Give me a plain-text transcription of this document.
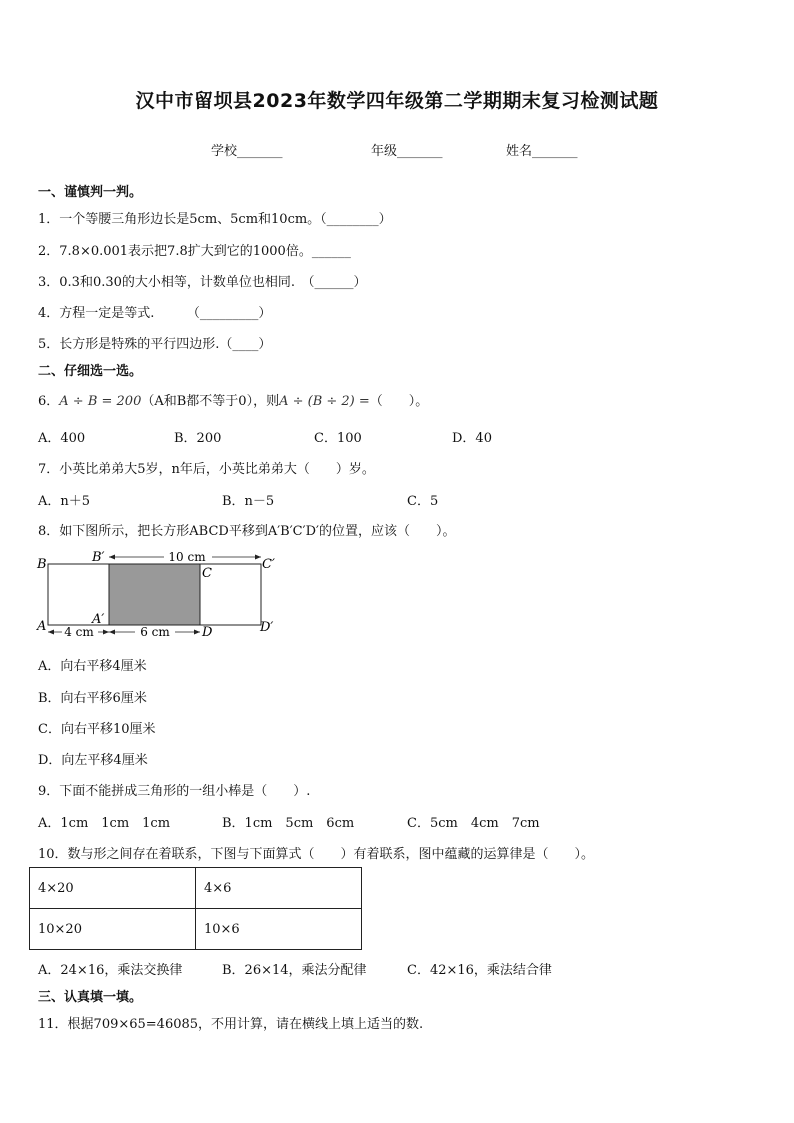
汉中市留坝县2023年数学四年级第二学期期末复习检测试题
学校_______	年级_______	姓名_______
一、谨慎判一判。
1．一个等腰三角形边长是5cm、5cm和10cm。（________）
2．7.8×0.001表示把7.8扩大到它的1000倍。______
3．0.3和0.30的大小相等，计数单位也相同.　（______）
4．方程一定是等式.　　　（_________）
5．长方形是特殊的平行四边形.（____）
二、仔细选一选。
6．A ÷ B = 200（A和B都不等于0），则A ÷ (B ÷ 2) =（　　）。
A．400	B．200	C．100	D．40
7．小英比弟弟大5岁，n年后，小英比弟弟大（　　）岁。
A．n＋5	B．n－5	C．5
8．如下图所示，把长方形ABCD平移到A′B′C′D′的位置，应该（　　）。
10 cm
4 cm	6 cm
B	B′
C
C′
A	A′
D	D′
A．向右平移4厘米
B．向右平移6厘米
C．向右平移10厘米
D．向左平移4厘米
9．下面不能拼成三角形的一组小棒是（　　）.
A．1cm　1cm　1cm	B．1cm　5cm　6cm	C．5cm　4cm　7cm
10．数与形之间存在着联系，下图与下面算式（　　）有着联系，图中蕴藏的运算律是（　　）。
4×20	4×6
10×20	10×6
A．24×16，乘法交换律	B．26×14，乘法分配律	C．42×16，乘法结合律
三、认真填一填。
11．根据709×65=46085，不用计算，请在横线上填上适当的数.
